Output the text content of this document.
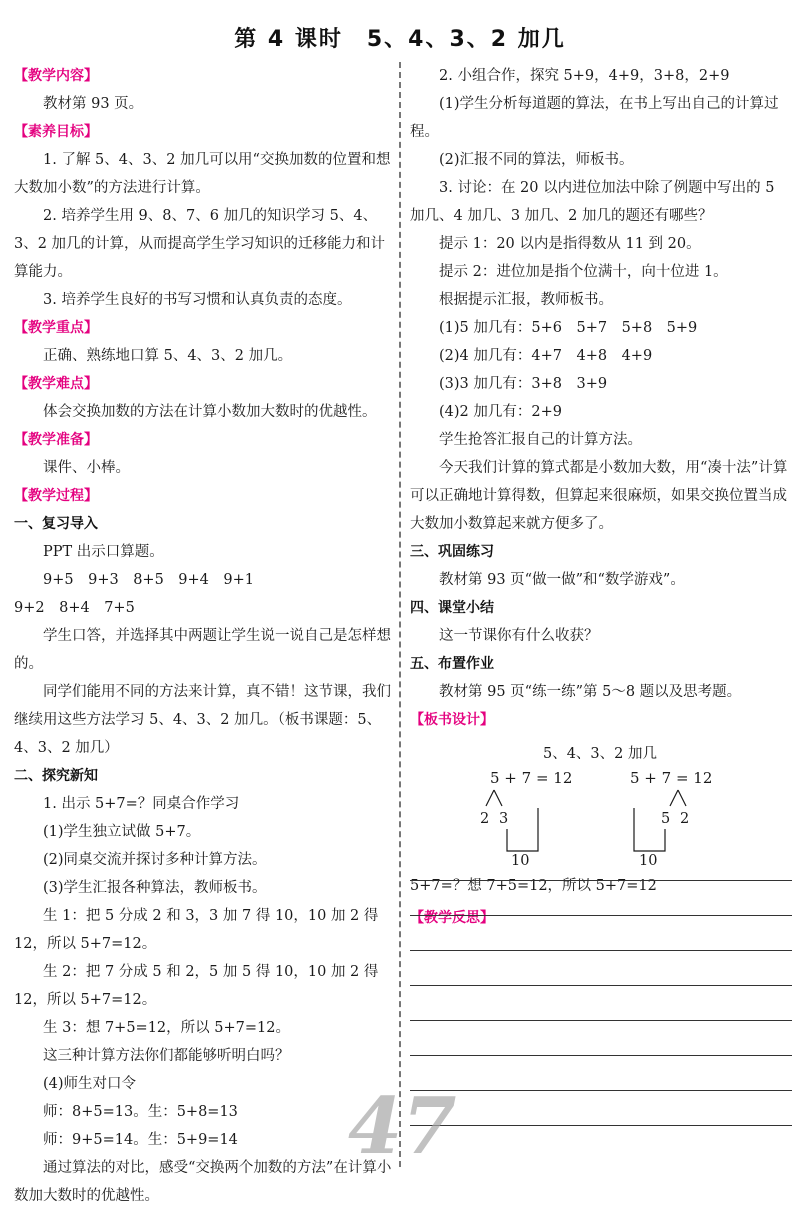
第 4 课时　5、4、3、2 加几

【教学内容】

教材第 93 页。

【素养目标】

1. 了解 5、4、3、2 加几可以用“交换加数的位置和想大数加小数”的方法进行计算。

2. 培养学生用 9、8、7、6 加几的知识学习 5、4、3、2 加几的计算，从而提高学生学习知识的迁移能力和计算能力。

3. 培养学生良好的书写习惯和认真负责的态度。

【教学重点】

正确、熟练地口算 5、4、3、2 加几。

【教学难点】

体会交换加数的方法在计算小数加大数时的优越性。

【教学准备】

课件、小棒。

【教学过程】

一、复习导入

PPT 出示口算题。

9+5　9+3　8+5　9+4　9+1

9+2　8+4　7+5

学生口答，并选择其中两题让学生说一说自己是怎样想的。

同学们能用不同的方法来计算，真不错！这节课，我们继续用这些方法学习 5、4、3、2 加几。（板书课题：5、4、3、2 加几）

二、探究新知

1. 出示 5+7=？同桌合作学习

(1)学生独立试做 5+7。

(2)同桌交流并探讨多种计算方法。

(3)学生汇报各种算法，教师板书。

生 1：把 5 分成 2 和 3，3 加 7 得 10，10 加 2 得 12，所以 5+7=12。

生 2：把 7 分成 5 和 2，5 加 5 得 10，10 加 2 得 12，所以 5+7=12。

生 3：想 7+5=12，所以 5+7=12。

这三种计算方法你们都能够听明白吗？

(4)师生对口令

师：8+5=13。生：5+8=13

师：9+5=14。生：5+9=14

通过算法的对比，感受“交换两个加数的方法”在计算小数加大数时的优越性。

2. 小组合作，探究 5+9，4+9，3+8，2+9

(1)学生分析每道题的算法，在书上写出自己的计算过程。

(2)汇报不同的算法，师板书。

3. 讨论：在 20 以内进位加法中除了例题中写出的 5 加几、4 加几、3 加几、2 加几的题还有哪些？

提示 1：20 以内是指得数从 11 到 20。

提示 2：进位加是指个位满十，向十位进 1。

根据提示汇报，教师板书。

(1)5 加几有：5+6　5+7　5+8　5+9

(2)4 加几有：4+7　4+8　4+9

(3)3 加几有：3+8　3+9

(4)2 加几有：2+9

学生抢答汇报自己的计算方法。

今天我们计算的算式都是小数加大数，用“凑十法”计算可以正确地计算得数，但算起来很麻烦，如果交换位置当成大数加小数算起来就方便多了。

三、巩固练习

教材第 93 页“做一做”和“数学游戏”。

四、课堂小结

这一节课你有什么收获？

五、布置作业

教材第 95 页“练一练”第 5～8 题以及思考题。

【板书设计】

5、4、3、2 加几
5 + 7 = 12	5 + 7 = 12
2 3
10
5 2
10
5+7=？想 7+5=12，所以 5+7=12

【教学反思】

47
